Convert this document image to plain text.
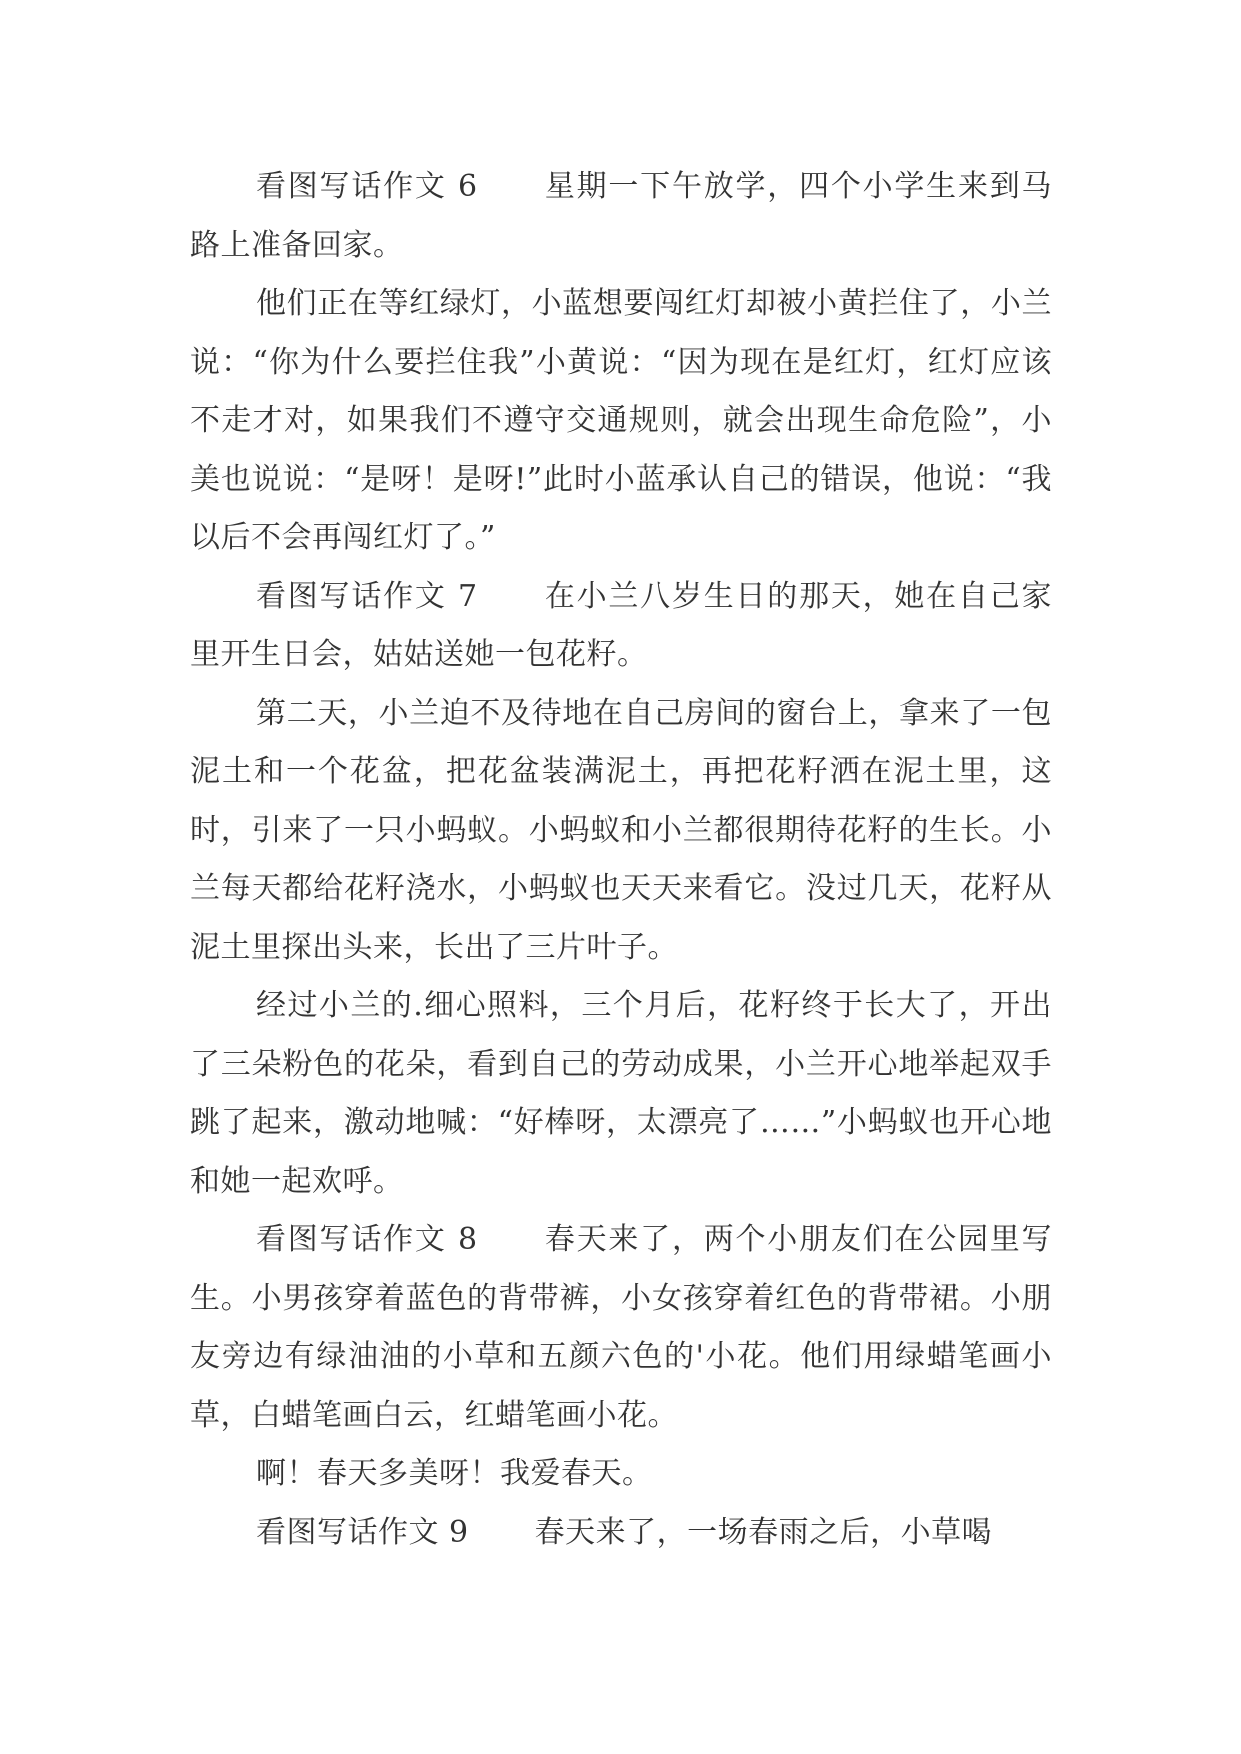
看图写话作文 6 星期一下午放学，四个小学生来到马路上准备回家。

他们正在等红绿灯，小蓝想要闯红灯却被小黄拦住了，小兰说：“你为什么要拦住我”小黄说：“因为现在是红灯，红灯应该不走才对，如果我们不遵守交通规则，就会出现生命危险”，小美也说说：“是呀！是呀!”此时小蓝承认自己的错误，他说：“我以后不会再闯红灯了。”

看图写话作文 7 在小兰八岁生日的那天，她在自己家里开生日会，姑姑送她一包花籽。

第二天，小兰迫不及待地在自己房间的窗台上，拿来了一包泥土和一个花盆，把花盆装满泥土，再把花籽洒在泥土里，这时，引来了一只小蚂蚁。小蚂蚁和小兰都很期待花籽的生长。小兰每天都给花籽浇水，小蚂蚁也天天来看它。没过几天，花籽从泥土里探出头来，长出了三片叶子。

经过小兰的.细心照料，三个月后，花籽终于长大了，开出了三朵粉色的花朵，看到自己的劳动成果，小兰开心地举起双手跳了起来，激动地喊：“好棒呀，太漂亮了……”小蚂蚁也开心地和她一起欢呼。

看图写话作文 8 春天来了，两个小朋友们在公园里写生。小男孩穿着蓝色的背带裤，小女孩穿着红色的背带裙。小朋友旁边有绿油油的小草和五颜六色的'小花。他们用绿蜡笔画小草，白蜡笔画白云，红蜡笔画小花。

啊！春天多美呀！我爱春天。

看图写话作文 9 春天来了，一场春雨之后，小草喝
